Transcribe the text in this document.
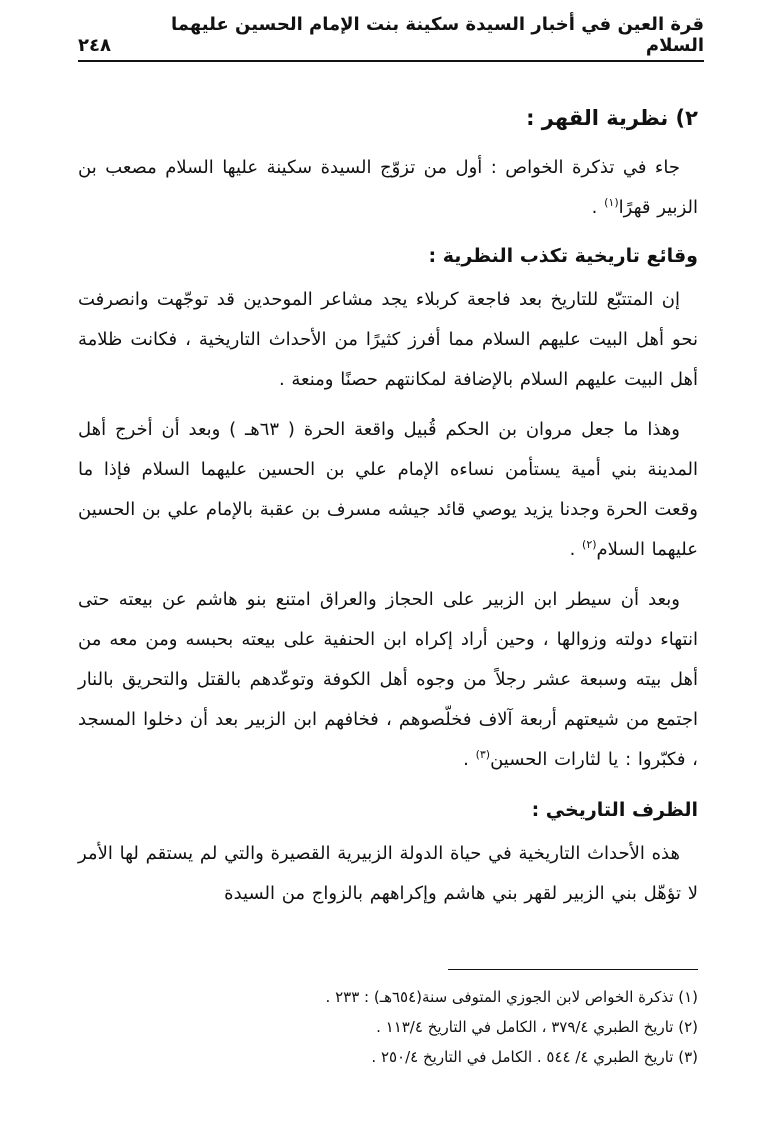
قرة العين في أخبار السيدة سكينة بنت الإمام الحسين عليهما السلام
٢٤٨
٢) نظرية القهر :

جاء في تذكرة الخواص : أول من تزوّج السيدة سكينة عليها السلام مصعب بن الزبير قهرًا$^{(١)}$ .

وقائع تاريخية تكذب النظرية :

إن المتتبّع للتاريخ بعد فاجعة كربلاء يجد مشاعر الموحدين قد توجّهت وانصرفت نحو أهل البيت عليهم السلام مما أفرز كثيرًا من الأحداث التاريخية ، فكانت ظلامة أهل البيت عليهم السلام بالإضافة لمكانتهم حصنًا ومنعة .

وهذا ما جعل مروان بن الحكم قُبيل واقعة الحرة ( ٦٣هـ ) وبعد أن أخرج أهل المدينة بني أمية يستأمن نساءه الإمام علي بن الحسين عليهما السلام فإذا ما وقعت الحرة وجدنا يزيد يوصي قائد جيشه مسرف بن عقبة بالإمام علي بن الحسين عليهما السلام$^{(٢)}$ .

وبعد أن سيطر ابن الزبير على الحجاز والعراق امتنع بنو هاشم عن بيعته حتى انتهاء دولته وزوالها ، وحين أراد إكراه ابن الحنفية على بيعته بحبسه ومن معه من أهل بيته وسبعة عشر رجلاً من وجوه أهل الكوفة وتوعّدهم بالقتل والتحريق بالنار اجتمع من شيعتهم أربعة آلاف فخلّصوهم ، فخافهم ابن الزبير بعد أن دخلوا المسجد ، فكبّروا : يا لثارات الحسين$^{(٣)}$ .

الظرف التاريخي :

هذه الأحداث التاريخية في حياة الدولة الزبيرية القصيرة والتي لم يستقم لها الأمر لا تؤهّل بني الزبير لقهر بني هاشم وإكراههم بالزواج من السيدة

(١) تذكرة الخواص لابن الجوزي المتوفى سنة(٦٥٤هـ) : ٢٣٣ .
(٢) تاريخ الطبري ٣٧٩/٤ ، الكامل في التاريخ ١١٣/٤ .
(٣) تاريخ الطبري ٤/ ٥٤٤ . الكامل في التاريخ ٢٥٠/٤ .
